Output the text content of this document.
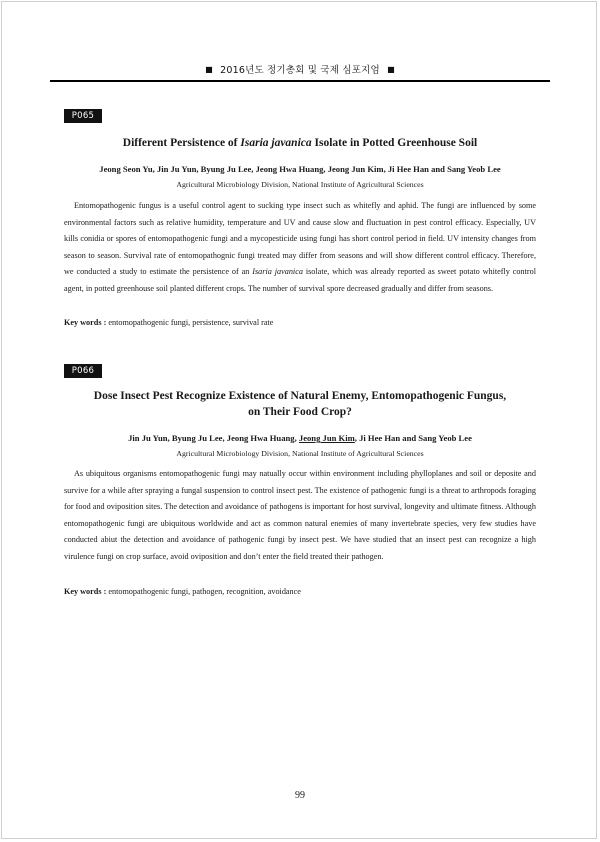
■ 2016년도 정기총회 및 국제 심포지엄 ■
P065
Different Persistence of Isaria javanica Isolate in Potted Greenhouse Soil
Jeong Seon Yu, Jin Ju Yun, Byung Ju Lee, Jeong Hwa Huang, Jeong Jun Kim, Ji Hee Han and Sang Yeob Lee
Agricultural Microbiology Division, National Institute of Agricultural Sciences
Entomopathogenic fungus is a useful control agent to sucking type insect such as whitefly and aphid. The fungi are influenced by some environmental factors such as relative humidity, temperature and UV and cause slow and fluctuation in pest control efficacy. Especially, UV kills conidia or spores of entomopathogenic fungi and a mycopesticide using fungi has short control period in field. UV intensity changes from season to season. Survival rate of entomopathognic fungi treated may differ from seasons and will show different control efficacy. Therefore, we conducted a study to estimate the persistence of an Isaria javanica isolate, which was already reported as sweet potato whitefly control agent, in potted greenhouse soil planted different crops. The number of survival spore decreased gradually and differ from seasons.
Key words : entomopathogenic fungi, persistence, survival rate
P066
Dose Insect Pest Recognize Existence of Natural Enemy, Entomopathogenic Fungus,
on Their Food Crop?
Jin Ju Yun, Byung Ju Lee, Jeong Hwa Huang, Jeong Jun Kim, Ji Hee Han and Sang Yeob Lee
Agricultural Microbiology Division, National Institute of Agricultural Sciences
As ubiquitous organisms entomopathogenic fungi may natually occur within environment including phylloplanes and soil or deposite and survive for a while after spraying a fungal suspension to control insect pest. The existence of pathogenic fungi is a threat to arthropods foraging for food and oviposition sites. The detection and avoidance of pathogens is important for host survival, longevity and ultimate fitness. Although entomopathogenic fungi are ubiquitous worldwide and act as common natural enemies of many invertebrate species, very few studies have conducted abiut the detection and avoidance of pathogenic fungi by insect pest. We have studied that an insect pest can recognize a high virulence fungi on crop surface, avoid oviposition and don’t enter the field treated their pathogen.
Key words : entomopathogenic fungi, pathogen, recognition, avoidance
99
